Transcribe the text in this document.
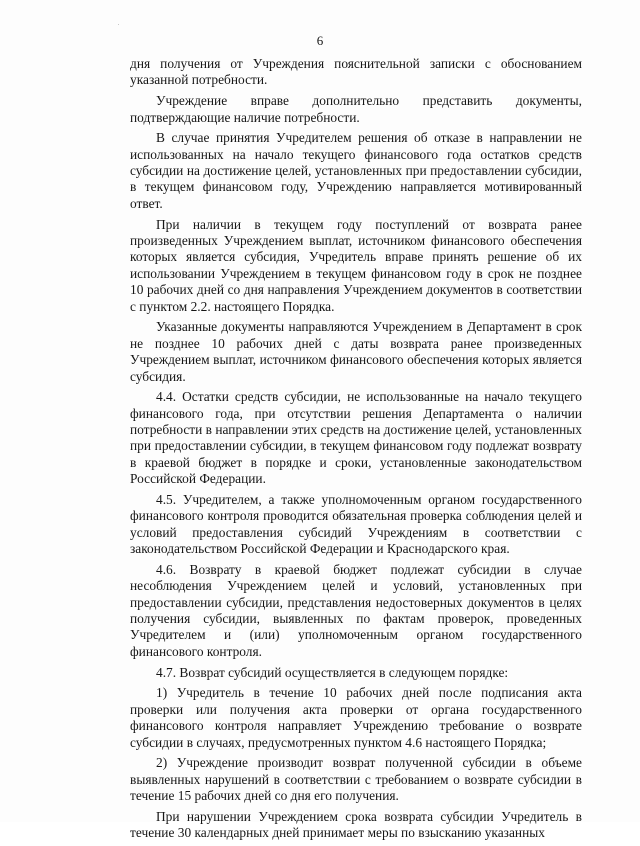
6

дня получения от Учреждения пояснительной записки с обоснованием указанной потребности.

Учреждение вправе дополнительно представить документы, подтверждающие наличие потребности.

В случае принятия Учредителем решения об отказе в направлении не использованных на начало текущего финансового года остатков средств субсидии на достижение целей, установленных при предоставлении субсидии, в текущем финансовом году, Учреждению направляется мотивированный ответ.

При наличии в текущем году поступлений от возврата ранее произведенных Учреждением выплат, источником финансового обеспечения которых является субсидия, Учредитель вправе принять решение об их использовании Учреждением в текущем финансовом году в срок не позднее 10 рабочих дней со дня направления Учреждением документов в соответствии с пунктом 2.2. настоящего Порядка.

Указанные документы направляются Учреждением в Департамент в срок не позднее 10 рабочих дней с даты возврата ранее произведенных Учреждением выплат, источником финансового обеспечения которых является субсидия.

4.4. Остатки средств субсидии, не использованные на начало текущего финансового года, при отсутствии решения Департамента о наличии потребности в направлении этих средств на достижение целей, установленных при предоставлении субсидии, в текущем финансовом году подлежат возврату в краевой бюджет в порядке и сроки, установленные законодательством Российской Федерации.

4.5. Учредителем, а также уполномоченным органом государственного финансового контроля проводится обязательная проверка соблюдения целей и условий предоставления субсидий Учреждениям в соответствии с законодательством Российской Федерации и Краснодарского края.

4.6. Возврату в краевой бюджет подлежат субсидии в случае несоблюдения Учреждением целей и условий, установленных при предоставлении субсидии, представления недостоверных документов в целях получения субсидии, выявленных по фактам проверок, проведенных Учредителем и (или) уполномоченным органом государственного финансового контроля.

4.7. Возврат субсидий осуществляется в следующем порядке:

1) Учредитель в течение 10 рабочих дней после подписания акта проверки или получения акта проверки от органа государственного финансового контроля направляет Учреждению требование о возврате субсидии в случаях, предусмотренных пунктом 4.6 настоящего Порядка;

2) Учреждение производит возврат полученной субсидии в объеме выявленных нарушений в соответствии с требованием о возврате субсидии в течение 15 рабочих дней со дня его получения.

При нарушении Учреждением срока возврата субсидии Учредитель в течение 30 календарных дней принимает меры по взысканию указанных
